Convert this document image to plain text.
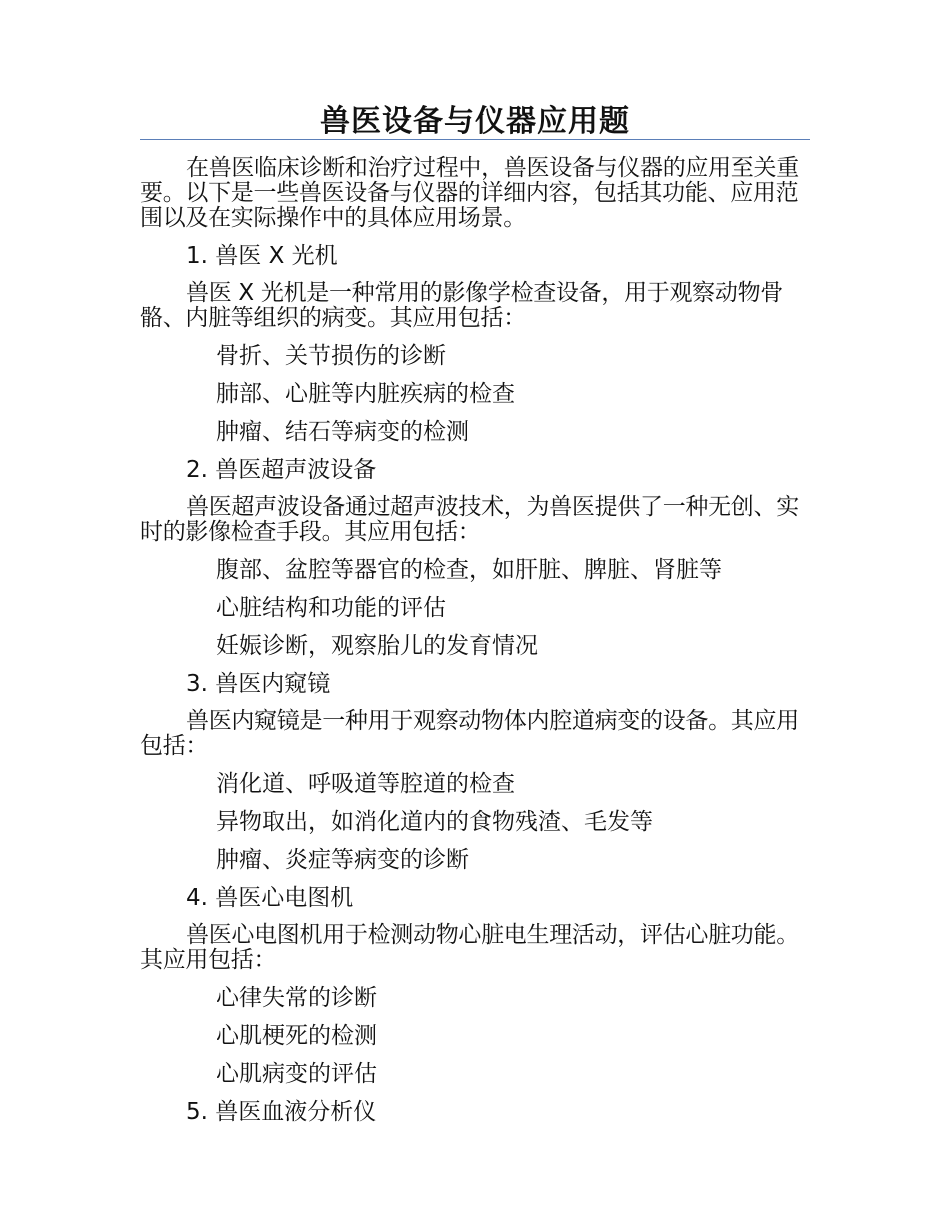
兽医设备与仪器应用题

在兽医临床诊断和治疗过程中，兽医设备与仪器的应用至关重要。以下是一些兽医设备与仪器的详细内容，包括其功能、应用范围以及在实际操作中的具体应用场景。

1. 兽医 X 光机

兽医 X 光机是一种常用的影像学检查设备，用于观察动物骨骼、内脏等组织的病变。其应用包括：

骨折、关节损伤的诊断
肺部、心脏等内脏疾病的检查
肿瘤、结石等病变的检测
2. 兽医超声波设备

兽医超声波设备通过超声波技术，为兽医提供了一种无创、实时的影像检查手段。其应用包括：

腹部、盆腔等器官的检查，如肝脏、脾脏、肾脏等
心脏结构和功能的评估
妊娠诊断，观察胎儿的发育情况
3. 兽医内窥镜

兽医内窥镜是一种用于观察动物体内腔道病变的设备。其应用包括：

消化道、呼吸道等腔道的检查
异物取出，如消化道内的食物残渣、毛发等
肿瘤、炎症等病变的诊断
4. 兽医心电图机

兽医心电图机用于检测动物心脏电生理活动，评估心脏功能。其应用包括：

心律失常的诊断
心肌梗死的检测
心肌病变的评估
5. 兽医血液分析仪
